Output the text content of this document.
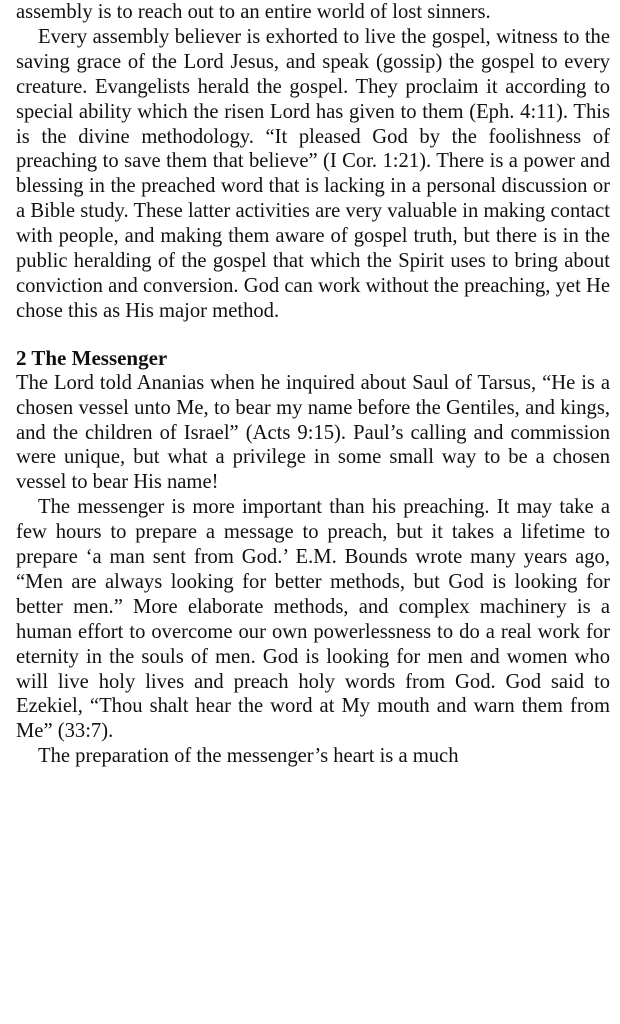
assembly is to reach out to an entire world of lost sinners.

Every assembly believer is exhorted to live the gospel, witness to the saving grace of the Lord Jesus, and speak (gossip) the gospel to every creature. Evangelists herald the gospel. They proclaim it according to special ability which the risen Lord has given to them (Eph. 4:11). This is the divine methodology. “It pleased God by the foolishness of preaching to save them that believe” (I Cor. 1:21). There is a power and blessing in the preached word that is lacking in a personal discussion or a Bible study. These latter activities are very valuable in making contact with people, and making them aware of gospel truth, but there is in the public heralding of the gospel that which the Spirit uses to bring about conviction and conversion. God can work without the preaching, yet He chose this as His major method.

2 The Messenger

The Lord told Ananias when he inquired about Saul of Tarsus, “He is a chosen vessel unto Me, to bear my name before the Gentiles, and kings, and the children of Israel” (Acts 9:15). Paul’s calling and commission were unique, but what a privilege in some small way to be a chosen vessel to bear His name!

The messenger is more important than his preaching. It may take a few hours to prepare a message to preach, but it takes a lifetime to prepare ‘a man sent from God.’ E.M. Bounds wrote many years ago, “Men are always looking for better methods, but God is looking for better men.” More elaborate methods, and complex machinery is a human effort to overcome our own powerlessness to do a real work for eternity in the souls of men. God is looking for men and women who will live holy lives and preach holy words from God. God said to Ezekiel, “Thou shalt hear the word at My mouth and warn them from Me” (33:7).

The preparation of the messenger’s heart is a much
